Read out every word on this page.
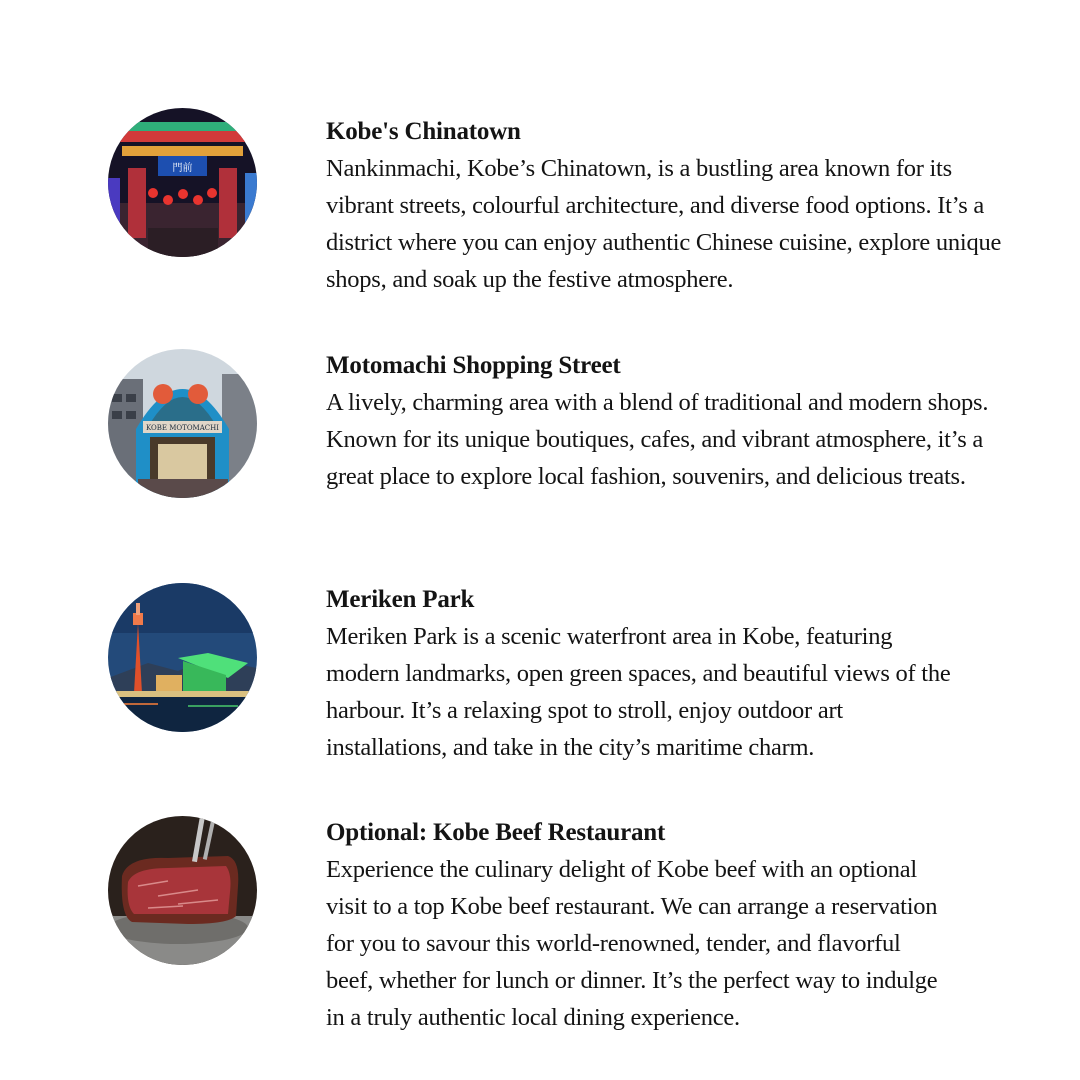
門前
Kobe's Chinatown
Nankinmachi, Kobe’s Chinatown, is a bustling area known for its
vibrant streets, colourful architecture, and diverse food options. It’s a
district where you can enjoy authentic Chinese cuisine, explore unique
shops, and soak up the festive atmosphere.
KOBE MOTOMACHI
Motomachi Shopping Street
A lively, charming area with a blend of traditional and modern shops.
Known for its unique boutiques, cafes, and vibrant atmosphere, it’s a
great place to explore local fashion, souvenirs, and delicious treats.
Meriken Park
Meriken Park is a scenic waterfront area in Kobe, featuring
modern landmarks, open green spaces, and beautiful views of the
harbour. It’s a relaxing spot to stroll, enjoy outdoor art
installations, and take in the city’s maritime charm.
Optional: Kobe Beef Restaurant
Experience the culinary delight of Kobe beef with an optional
visit to a top Kobe beef restaurant. We can arrange a reservation
for you to savour this world-renowned, tender, and flavorful
beef, whether for lunch or dinner. It’s the perfect way to indulge
in a truly authentic local dining experience.
